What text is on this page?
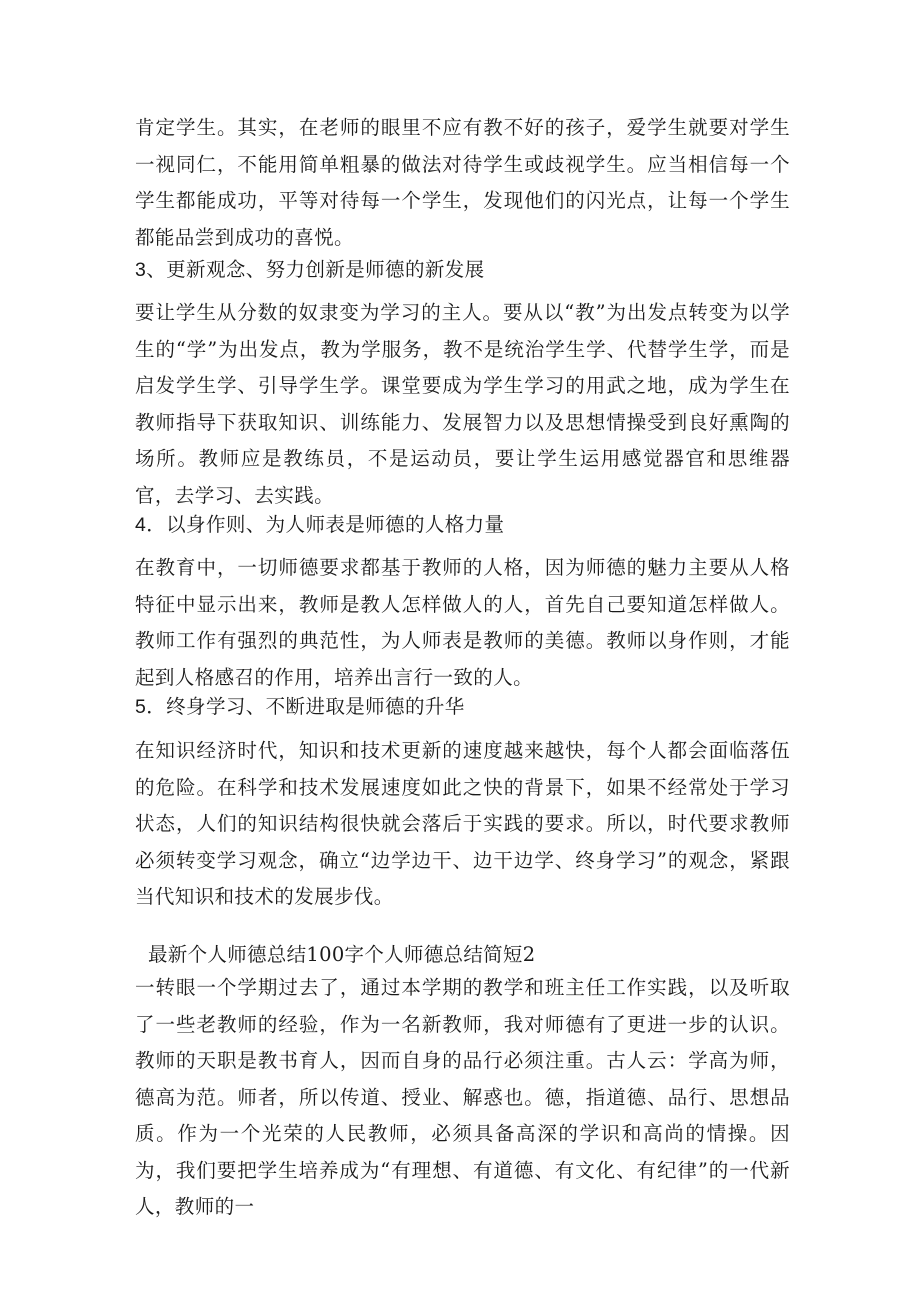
肯定学生。其实，在老师的眼里不应有教不好的孩子，爱学生就要对学生一视同仁，不能用简单粗暴的做法对待学生或歧视学生。应当相信每一个学生都能成功，平等对待每一个学生，发现他们的闪光点，让每一个学生都能品尝到成功的喜悦。

3、更新观念、努力创新是师德的新发展

要让学生从分数的奴隶变为学习的主人。要从以“教”为出发点转变为以学生的“学”为出发点，教为学服务，教不是统治学生学、代替学生学，而是启发学生学、引导学生学。课堂要成为学生学习的用武之地，成为学生在教师指导下获取知识、训练能力、发展智力以及思想情操受到良好熏陶的场所。教师应是教练员，不是运动员，要让学生运用感觉器官和思维器官，去学习、去实践。

4．以身作则、为人师表是师德的人格力量

在教育中，一切师德要求都基于教师的人格，因为师德的魅力主要从人格特征中显示出来，教师是教人怎样做人的人，首先自己要知道怎样做人。教师工作有强烈的典范性，为人师表是教师的美德。教师以身作则，才能起到人格感召的作用，培养出言行一致的人。

5．终身学习、不断进取是师德的升华

在知识经济时代，知识和技术更新的速度越来越快，每个人都会面临落伍的危险。在科学和技术发展速度如此之快的背景下，如果不经常处于学习状态，人们的知识结构很快就会落后于实践的要求。所以，时代要求教师必须转变学习观念，确立“边学边干、边干边学、终身学习”的观念，紧跟当代知识和技术的发展步伐。

最新个人师德总结100字个人师德总结简短2

一转眼一个学期过去了，通过本学期的教学和班主任工作实践，以及听取了一些老教师的经验，作为一名新教师，我对师德有了更进一步的认识。教师的天职是教书育人，因而自身的品行必须注重。古人云：学高为师，德高为范。师者，所以传道、授业、解惑也。德，指道德、品行、思想品质。作为一个光荣的人民教师，必须具备高深的学识和高尚的情操。因为，我们要把学生培养成为“有理想、有道德、有文化、有纪律”的一代新人，教师的一
